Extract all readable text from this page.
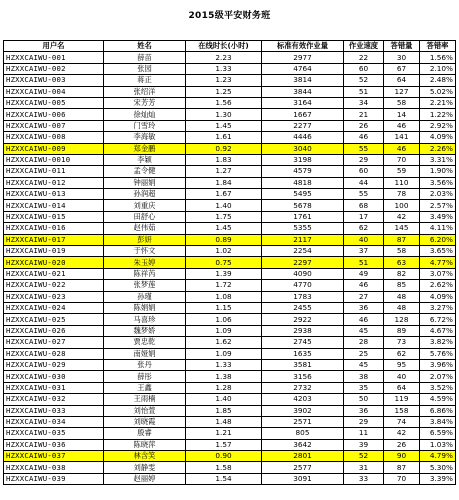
2015级平安财务班
用户名	姓名	在线时长(小时)	标准有效作业量	作业速度	答错量	答错率
HZXXCAIWU-001	薛苗	2.23	2977	22	30	1.56%
HZXXCAIWU-002	张园	1.33	4764	60	67	2.10%
HZXXCAIWU-003	蒋正	1.23	3814	52	64	2.48%
HZXXCAIWU-004	张绍洋	1.25	3844	51	127	5.02%
HZXXCAIWU-005	宋芳芳	1.56	3164	34	58	2.21%
HZXXCAIWU-006	徐灿灿	1.30	1667	21	14	1.22%
HZXXCAIWU-007	门雪玲	1.45	2277	26	46	2.92%
HZXXCAIWU-008	李海敏	1.61	4446	46	141	4.09%
HZXXCAIWU-009	郑金鹏	0.92	3040	55	46	2.26%
HZXXCAIWU-0010	李颖	1.83	3198	29	70	3.31%
HZXXCAIWU-011	孟令健	1.27	4579	60	59	1.90%
HZXXCAIWU-012	钟丽娟	1.84	4818	44	110	3.56%
HZXXCAIWU-013	孙润超	1.67	5495	55	78	2.03%
HZXXCAIWU-014	刘重庆	1.40	5678	68	100	2.57%
HZXXCAIWU-015	田舒心	1.75	1761	17	42	3.49%
HZXXCAIWU-016	赵伟茹	1.45	5355	62	145	4.11%
HZXXCAIWU-017	彭妍	0.89	2117	40	87	6.20%
HZXXCAIWU-019	于怀文	1.02	2254	37	58	3.65%
HZXXCAIWU-020	朱玉婷	0.75	2297	51	63	4.77%
HZXXCAIWU-021	陈祥芮	1.39	4090	49	82	3.07%
HZXXCAIWU-022	张梦莲	1.72	4770	46	85	2.62%
HZXXCAIWU-023	孙瑾	1.08	1783	27	48	4.09%
HZXXCAIWU-024	陈娟娟	1.15	2455	36	48	3.27%
HZXXCAIWU-025	马喜珍	1.06	2922	46	128	6.72%
HZXXCAIWU-026	魏梦娇	1.09	2938	45	89	4.67%
HZXXCAIWU-027	贾忠乾	1.62	2745	28	73	3.82%
HZXXCAIWU-028	南娅娟	1.09	1635	25	62	5.76%
HZXXCAIWU-029	张丹	1.33	3581	45	95	3.96%
HZXXCAIWU-030	薛彤	1.38	3156	38	40	2.07%
HZXXCAIWU-031	王鑫	1.28	2732	35	64	3.52%
HZXXCAIWU-032	王雨楠	1.40	4203	50	119	4.59%
HZXXCAIWU-033	刘怡萱	1.85	3902	36	158	6.86%
HZXXCAIWU-034	刘晓霞	1.48	2571	29	74	3.84%
HZXXCAIWU-035	殷睿	1.21	805	11	42	6.59%
HZXXCAIWU-036	陈晓萍	1.57	3642	39	26	1.03%
HZXXCAIWU-037	林含笑	0.90	2801	52	90	4.79%
HZXXCAIWU-038	刘静雯	1.58	2577	31	87	5.30%
HZXXCAIWU-039	赵丽婷	1.54	3091	33	70	3.39%
